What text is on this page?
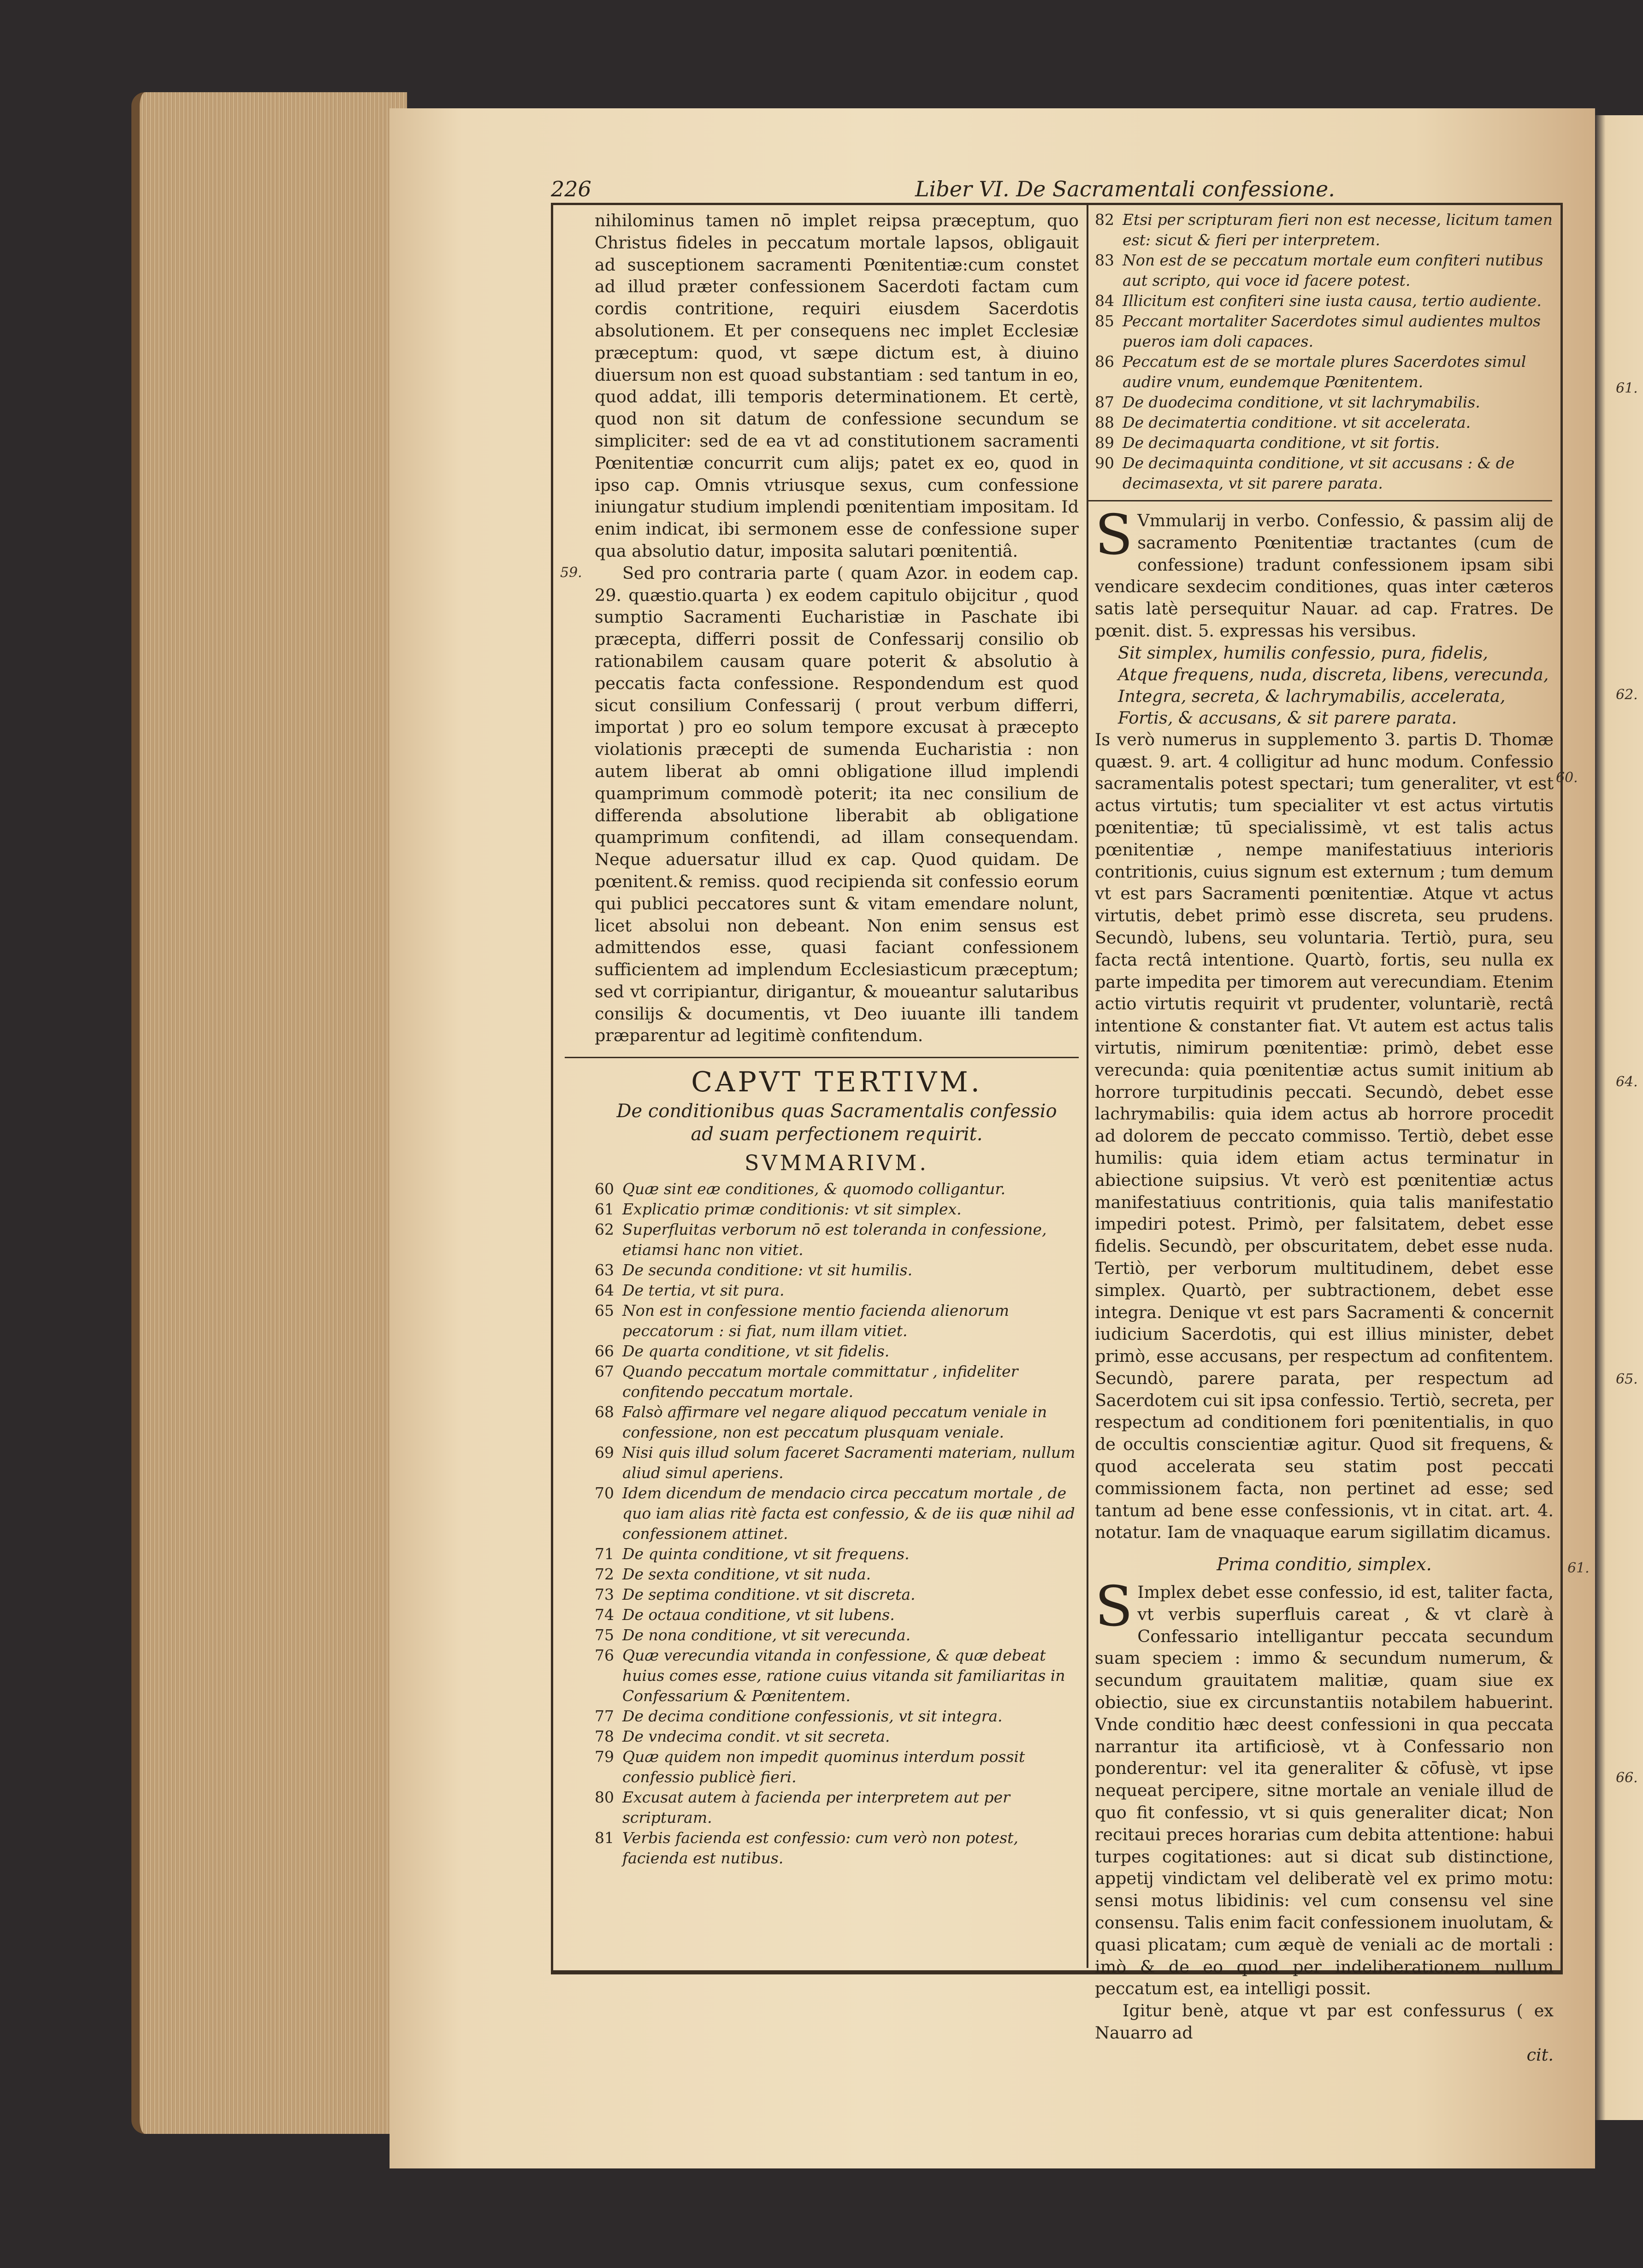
226	Liber VI. De Sacramentali confessione.
59.
61.
62.
60.
64.
65.
61.
66.

nihilominus tamen nō implet reipsa præceptum, quo Christus fideles in peccatum mortale lapsos, obligauit ad susceptionem sacramenti Pœnitentiæ:cum constet ad illud præter confessionem Sacerdoti factam cum cordis contritione, requiri eiusdem Sacerdotis absolutionem. Et per consequens nec implet Ecclesiæ præceptum: quod, vt sæpe dictum est, à diuino diuersum non est quoad substantiam : sed tantum in eo, quod addat, illi temporis determinationem. Et certè, quod non sit datum de confessione secundum se simpliciter: sed de ea vt ad constitutionem sacramenti Pœnitentiæ concurrit cum alijs; patet ex eo, quod in ipso cap. Omnis vtriusque sexus, cum confessione iniungatur studium implendi pœnitentiam impositam. Id enim indicat, ibi sermonem esse de confessione super qua absolutio datur, imposita salutari pœnitentiâ.

Sed pro contraria parte ( quam Azor. in eodem cap. 29. quæstio.quarta ) ex eodem capitulo obijcitur , quod sumptio Sacramenti Eucharistiæ in Paschate ibi præcepta, differri possit de Confessarij consilio ob rationabilem causam quare poterit & absolutio à peccatis facta confessione. Respondendum est quod sicut consilium Confessarij ( prout verbum differri, importat ) pro eo solum tempore excusat à præcepto violationis præcepti de sumenda Eucharistia : non autem liberat ab omni obligatione illud implendi quamprimum commodè poterit; ita nec consilium de differenda absolutione liberabit ab obligatione quamprimum confitendi, ad illam consequendam. Neque aduersatur illud ex cap. Quod quidam. De pœnitent.& remiss. quod recipienda sit confessio eorum qui publici peccatores sunt & vitam emendare nolunt, licet absolui non debeant. Non enim sensus est admittendos esse, quasi faciant confessionem sufficientem ad implendum Ecclesiasticum præceptum; sed vt corripiantur, dirigantur, & moueantur salutaribus consilijs & documentis, vt Deo iuuante illi tandem præparentur ad legitimè confitendum.

CAPVT TERTIVM.
De conditionibus quas Sacramentalis confessio ad suam perfectionem requirit.
SVMMARIVM.
60 Quæ sint eæ conditiones, & quomodo colligantur.
61 Explicatio primæ conditionis: vt sit simplex.
62 Superfluitas verborum nō est toleranda in confessione, etiamsi hanc non vitiet.
63 De secunda conditione: vt sit humilis.
64 De tertia, vt sit pura.
65 Non est in confessione mentio facienda alienorum peccatorum : si fiat, num illam vitiet.
66 De quarta conditione, vt sit fidelis.
67 Quando peccatum mortale committatur , infideliter confitendo peccatum mortale.
68 Falsò affirmare vel negare aliquod peccatum veniale in confessione, non est peccatum plusquam veniale.
69 Nisi quis illud solum faceret Sacramenti materiam, nullum aliud simul aperiens.
70 Idem dicendum de mendacio circa peccatum mortale , de quo iam alias ritè facta est confessio, & de iis quæ nihil ad confessionem attinet.
71 De quinta conditione, vt sit frequens.
72 De sexta conditione, vt sit nuda.
73 De septima conditione. vt sit discreta.
74 De octaua conditione, vt sit lubens.
75 De nona conditione, vt sit verecunda.
76 Quæ verecundia vitanda in confessione, & quæ debeat huius comes esse, ratione cuius vitanda sit familiaritas in Confessarium & Pœnitentem.
77 De decima conditione confessionis, vt sit integra.
78 De vndecima condit. vt sit secreta.
79 Quæ quidem non impedit quominus interdum possit confessio publicè fieri.
80 Excusat autem à facienda per interpretem aut per scripturam.
81 Verbis facienda est confessio: cum verò non potest, facienda est nutibus.
82 Etsi per scripturam fieri non est necesse, licitum tamen est: sicut & fieri per interpretem.
83 Non est de se peccatum mortale eum confiteri nutibus aut scripto, qui voce id facere potest.
84 Illicitum est confiteri sine iusta causa, tertio audiente.
85 Peccant mortaliter Sacerdotes simul audientes multos pueros iam doli capaces.
86 Peccatum est de se mortale plures Sacerdotes simul audire vnum, eundemque Pœnitentem.
87 De duodecima conditione, vt sit lachrymabilis.
88 De decimatertia conditione. vt sit accelerata.
89 De decimaquarta conditione, vt sit fortis.
90 De decimaquinta conditione, vt sit accusans : & de decimasexta, vt sit parere parata.

S Vmmularij in verbo. Confessio, & passim alij de sacramento Pœnitentiæ tractantes (cum de confessione) tradunt confessionem ipsam sibi vendicare sexdecim conditiones, quas inter cæteros satis latè persequitur Nauar. ad cap. Fratres. De pœnit. dist. 5. expressas his versibus.

Sit simplex, humilis confessio, pura, fidelis,
Atque frequens, nuda, discreta, libens, verecunda,
Integra, secreta, & lachrymabilis, accelerata,
Fortis, & accusans, & sit parere parata.

Is verò numerus in supplemento 3. partis D. Thomæ quæst. 9. art. 4 colligitur ad hunc modum. Confessio sacramentalis potest spectari; tum generaliter, vt est actus virtutis; tum specialiter vt est actus virtutis pœnitentiæ; tū specialissimè, vt est talis actus pœnitentiæ , nempe manifestatiuus interioris contritionis, cuius signum est externum ; tum demum vt est pars Sacramenti pœnitentiæ. Atque vt actus virtutis, debet primò esse discreta, seu prudens. Secundò, lubens, seu voluntaria. Tertiò, pura, seu facta rectâ intentione. Quartò, fortis, seu nulla ex parte impedita per timorem aut verecundiam. Etenim actio virtutis requirit vt prudenter, voluntariè, rectâ intentione & constanter fiat. Vt autem est actus talis virtutis, nimirum pœnitentiæ: primò, debet esse verecunda: quia pœnitentiæ actus sumit initium ab horrore turpitudinis peccati. Secundò, debet esse lachrymabilis: quia idem actus ab horrore procedit ad dolorem de peccato commisso. Tertiò, debet esse humilis: quia idem etiam actus terminatur in abiectione suipsius. Vt verò est pœnitentiæ actus manifestatiuus contritionis, quia talis manifestatio impediri potest. Primò, per falsitatem, debet esse fidelis. Secundò, per obscuritatem, debet esse nuda. Tertiò, per verborum multitudinem, debet esse simplex. Quartò, per subtractionem, debet esse integra. Denique vt est pars Sacramenti & concernit iudicium Sacerdotis, qui est illius minister, debet primò, esse accusans, per respectum ad confitentem. Secundò, parere parata, per respectum ad Sacerdotem cui sit ipsa confessio. Tertiò, secreta, per respectum ad conditionem fori pœnitentialis, in quo de occultis conscientiæ agitur. Quod sit frequens, & quod accelerata seu statim post peccati commissionem facta, non pertinet ad esse; sed tantum ad bene esse confessionis, vt in citat. art. 4. notatur. Iam de vnaquaque earum sigillatim dicamus.

Prima conditio, simplex.

S Implex debet esse confessio, id est, taliter facta, vt verbis superfluis careat , & vt clarè à Confessario intelligantur peccata secundum suam speciem : immo & secundum numerum, & secundum grauitatem malitiæ, quam siue ex obiectio, siue ex circunstantiis notabilem habuerint. Vnde conditio hæc deest confessioni in qua peccata narrantur ita artificiosè, vt à Confessario non ponderentur: vel ita generaliter & cōfusè, vt ipse nequeat percipere, sitne mortale an veniale illud de quo fit confessio, vt si quis generaliter dicat; Non recitaui preces horarias cum debita attentione: habui turpes cogitationes: aut si dicat sub distinctione, appetij vindictam vel deliberatè vel ex primo motu: sensi motus libidinis: vel cum consensu vel sine consensu. Talis enim facit confessionem inuolutam, & quasi plicatam; cum æquè de veniali ac de mortali : imò & de eo quod per indeliberationem nullum peccatum est, ea intelligi possit.

Igitur benè, atque vt par est confessurus ( ex Nauarro ad

cit.
